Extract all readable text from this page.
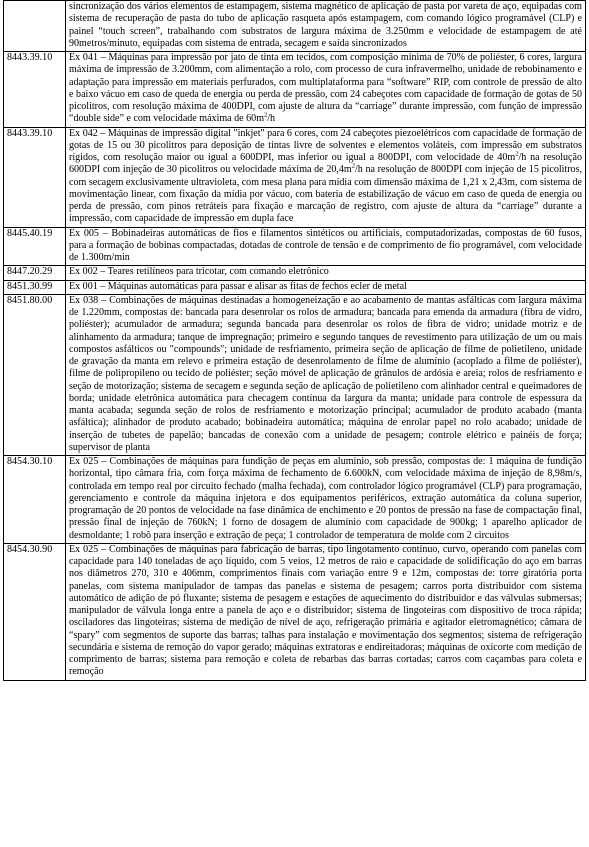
	sincronização dos vários elementos de estampagem, sistema magnético de aplicação de pasta por vareta de aço, equipadas com sistema de recuperação de pasta do tubo de aplicação rasqueta após estampagem, com comando lógico programável (CLP) e painel “touch screen”, trabalhando com substratos de largura máxima de 3.250mm e velocidade de estampagem de até 90metros/minuto, equipadas com sistema de entrada, secagem e saída sincronizados
8443.39.10	Ex 041 – Máquinas para impressão por jato de tinta em tecidos, com composição mínima de 70% de poliéster, 6 cores, largura máxima de impressão de 3.200mm, com alimentação a rolo, com processo de cura infravermelho, unidade de rebobinamento e adaptação para impressão em materiais perfurados, com multiplataforma para “software” RIP, com controle de pressão de alto e baixo vácuo em caso de queda de energia ou perda de pressão, com 24 cabeçotes com capacidade de formação de gotas de 50 picolitros, com resolução máxima de 400DPI, com ajuste de altura da “carriage” durante impressão, com função de impressão “double side” e com velocidade máxima de $60m^2/h$
8443.39.10	Ex 042 – Máquinas de impressão digital "inkjet" para 6 cores, com 24 cabeçotes piezoelétricos com capacidade de formação de gotas de 15 ou 30 picolitros para deposição de tintas livre de solventes e elementos voláteis, com impressão em substratos rígidos, com resolução maior ou igual a 600DPI, mas inferior ou igual a 800DPI, com velocidade de $40m^2/h$ na resolução 600DPI com injeção de 30 picolitros ou velocidade máxima de $20,4m^2/h$ na resolução de 800DPI com injeção de 15 picolitros, com secagem exclusivamente ultravioleta, com mesa plana para mídia com dimensão máxima de 1,21 x 2,43m, com sistema de movimentação linear, com fixação da mídia por vácuo, com bateria de estabilização de vácuo em caso de queda de energia ou perda de pressão, com pinos retráteis para fixação e marcação de registro, com ajuste de altura da “carriage” durante a impressão, com capacidade de impressão em dupla face
8445.40.19	Ex 005 – Bobinadeiras automáticas de fios e filamentos sintéticos ou artificiais, computadorizadas, compostas de 60 fusos, para a formação de bobinas compactadas, dotadas de controle de tensão e de comprimento de fio programável, com velocidade de 1.300m/min
8447.20.29	Ex 002 – Teares retilíneos para tricotar, com comando eletrônico
8451.30.99	Ex 001 – Máquinas automáticas para passar e alisar as fitas de fechos ecler de metal
8451.80.00	Ex 038 – Combinações de máquinas destinadas a homogeneização e ao acabamento de mantas asfálticas com largura máxima de 1.220mm, compostas de: bancada para desenrolar os rolos de armadura; bancada para emenda da armadura (fibra de vidro, poliéster); acumulador de armadura; segunda bancada para desenrolar os rolos de fibra de vidro; unidade motriz e de alinhamento da armadura; tanque de impregnação; primeiro e segundo tanques de revestimento para utilização de um ou mais compostos asfálticos ou "compounds"; unidade de resfriamento, primeira seção de aplicação de filme de polietileno, unidade de gravação da manta em relevo e primeira estação de desenrolamento de filme de alumínio (acoplado a filme de poliéster), filme de polipropileno ou tecido de poliéster; seção móvel de aplicação de grânulos de ardósia e areia; rolos de resfriamento e seção de motorização; sistema de secagem e segunda seção de aplicação de polietileno com alinhador central e queimadores de borda; unidade eletrônica automática para checagem contínua da largura da manta; unidade para controle de espessura da manta acabada; segunda seção de rolos de resfriamento e motorização principal; acumulador de produto acabado (manta asfáltica); alinhador de produto acabado; bobinadeira automática; máquina de enrolar papel no rolo acabado; unidade de inserção de tubetes de papelão; bancadas de conexão com a unidade de pesagem; controle elétrico e painéis de força; supervisor de planta
8454.30.10	Ex 025 – Combinações de máquinas para fundição de peças em alumínio, sob pressão, compostas de: 1 máquina de fundição horizontal, tipo câmara fria, com força máxima de fechamento de 6.600kN, com velocidade máxima de injeção de 8,98m/s, controlada em tempo real por circuito fechado (malha fechada), com controlador lógico programável (CLP) para programação, gerenciamento e controle da máquina injetora e dos equipamentos periféricos, extração automática da coluna superior, programação de 20 pontos de velocidade na fase dinâmica de enchimento e 20 pontos de pressão na fase de compactação final, pressão final de injeção de 760kN; 1 forno de dosagem de alumínio com capacidade de 900kg; 1 aparelho aplicador de desmoldante; 1 robô para inserção e extração de peça; 1 controlador de temperatura de molde com 2 circuitos
8454.30.90	Ex 025 – Combinações de máquinas para fabricação de barras, tipo lingotamento contínuo, curvo, operando com panelas com capacidade para 140 toneladas de aço líquido, com 5 veios, 12 metros de raio e capacidade de solidificação do aço em barras nos diâmetros 270, 310 e 406mm, comprimentos finais com variação entre 9 e 12m, compostas de: torre giratória porta panelas, com sistema manipulador de tampas das panelas e sistema de pesagem; carros porta distribuidor com sistema automático de adição de pó fluxante; sistema de pesagem e estações de aquecimento do distribuidor e das válvulas submersas; manipulador de válvula longa entre a panela de aço e o distribuidor; sistema de lingoteiras com dispositivo de troca rápida; osciladores das lingoteiras; sistema de medição de nível de aço, refrigeração primária e agitador eletromagnético; câmara de “spary” com segmentos de suporte das barras; talhas para instalação e movimentação dos segmentos; sistema de refrigeração secundária e sistema de remoção do vapor gerado; máquinas extratoras e endireitadoras; máquinas de oxicorte com medição de comprimento de barras; sistema para remoção e coleta de rebarbas das barras cortadas; carros com caçambas para coleta e remoção
